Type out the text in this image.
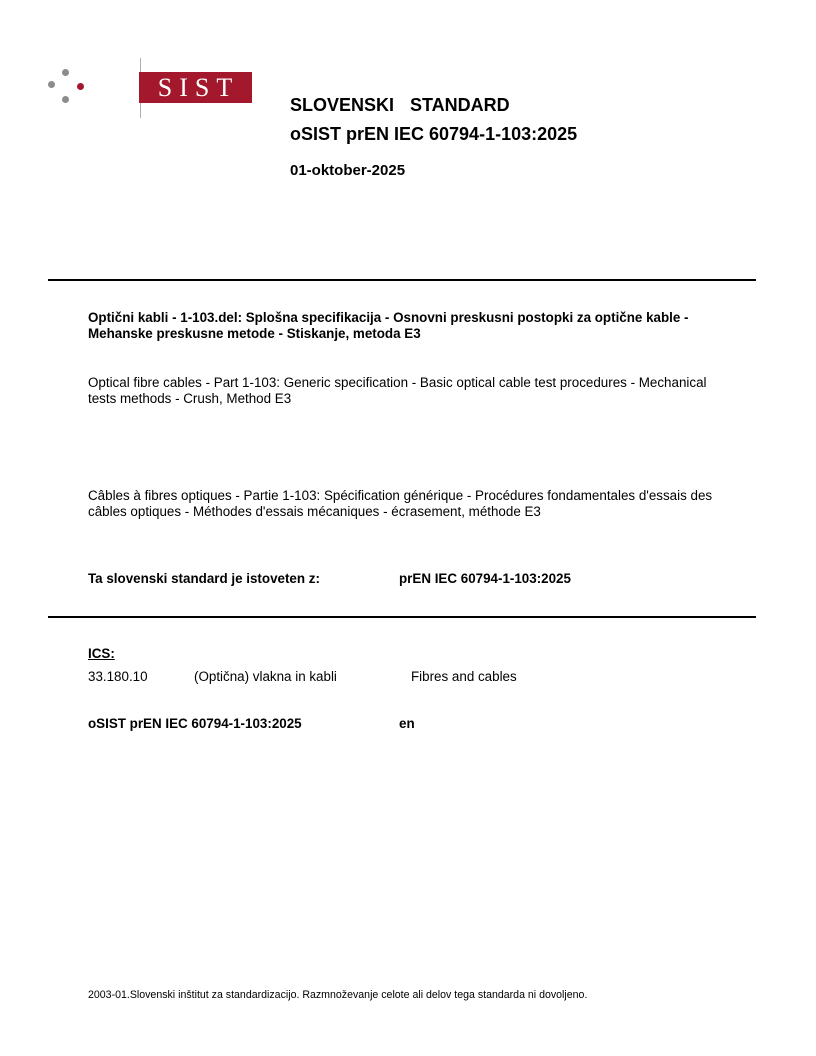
SIST
SLOVENSKI  STANDARD
oSIST prEN IEC 60794-1-103:2025
01-oktober-2025
Optični kabli - 1-103.del: Splošna specifikacija - Osnovni preskusni postopki za optične kable - Mehanske preskusne metode - Stiskanje, metoda E3
Optical fibre cables - Part 1-103: Generic specification - Basic optical cable test procedures - Mechanical tests methods - Crush, Method E3
Câbles à fibres optiques - Partie 1-103: Spécification générique - Procédures fondamentales d'essais des câbles optiques - Méthodes d'essais mécaniques - écrasement, méthode E3
Ta slovenski standard je istoveten z:	prEN IEC 60794-1-103:2025
ICS:
33.180.10	(Optična) vlakna in kabli	Fibres and cables
oSIST prEN IEC 60794-1-103:2025	en
2003-01.Slovenski inštitut za standardizacijo. Razmnoževanje celote ali delov tega standarda ni dovoljeno.
